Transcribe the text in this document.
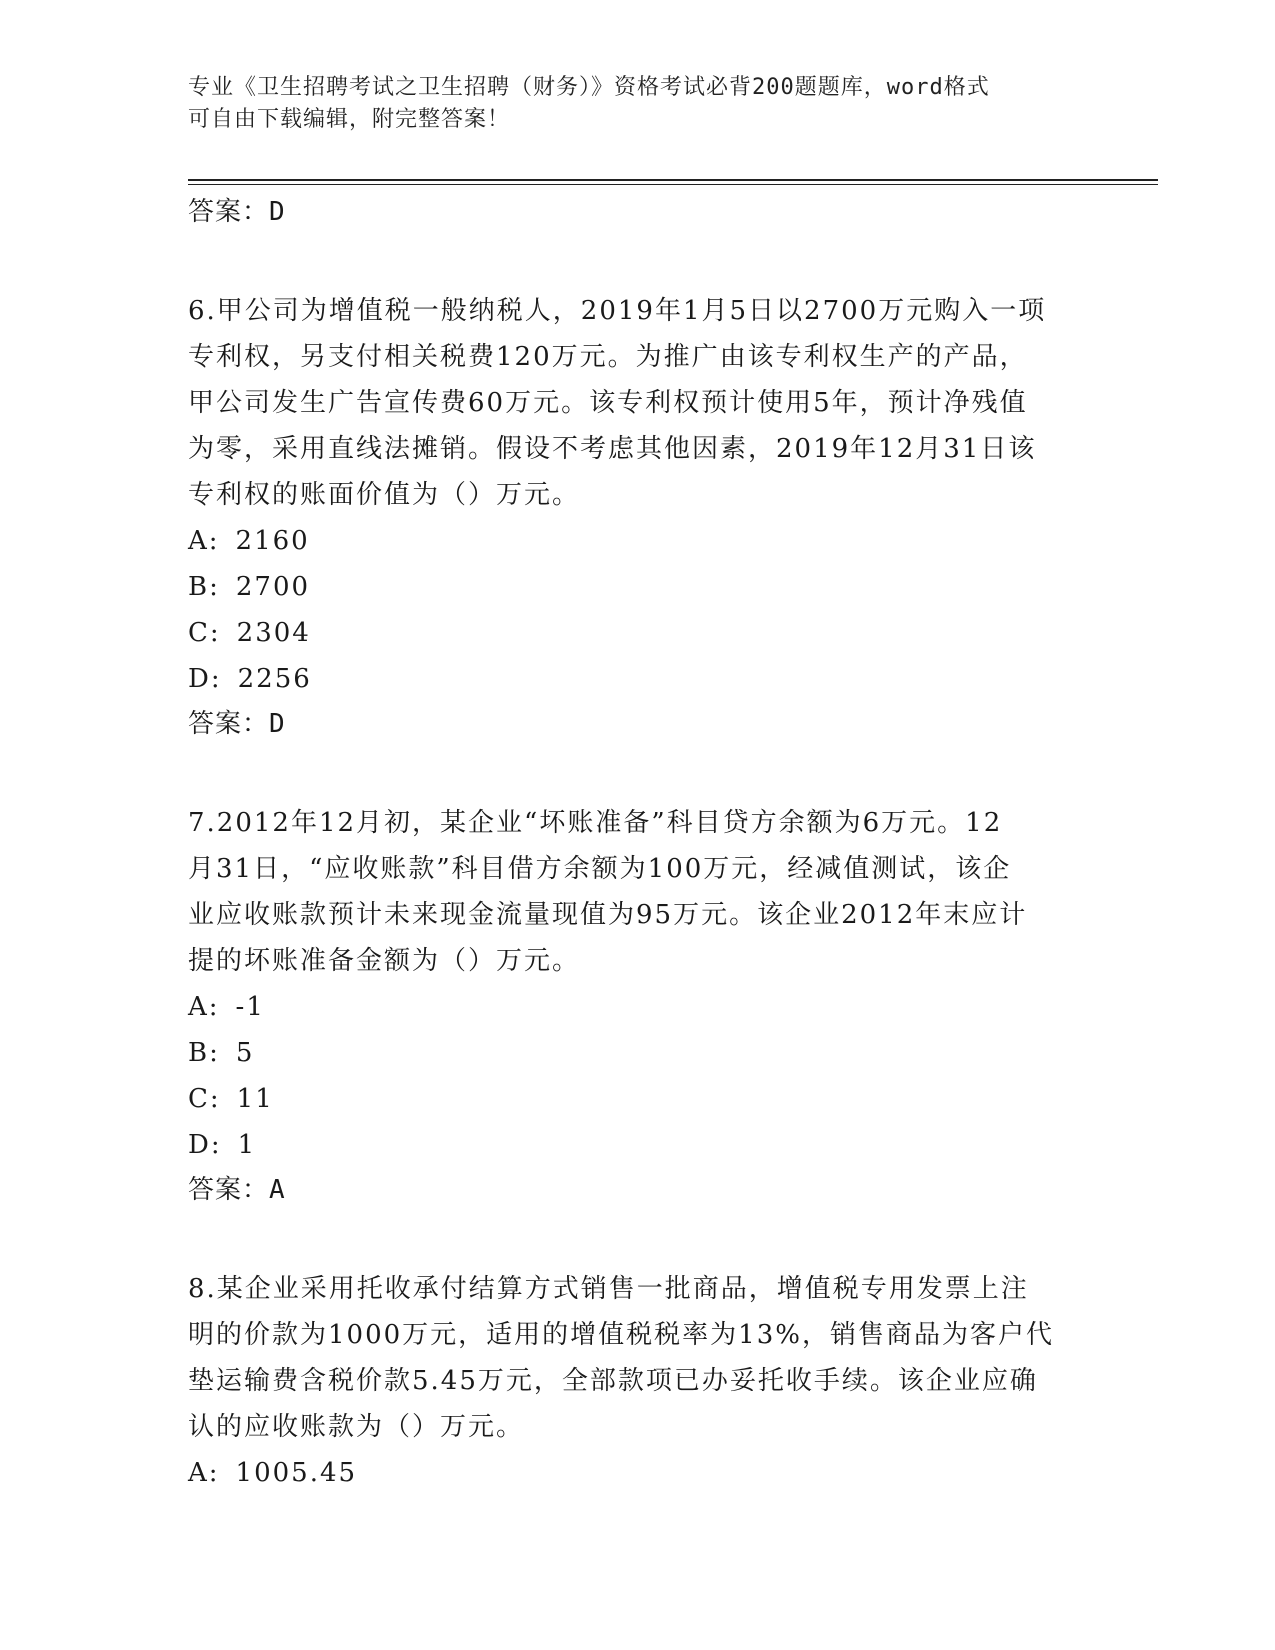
专业《卫生招聘考试之卫生招聘（财务）》资格考试必背200题题库，word格式
可自由下载编辑，附完整答案！
答案：D
6.甲公司为增值税一般纳税人，2019年1月5日以2700万元购入一项
专利权，另支付相关税费120万元。为推广由该专利权生产的产品，
甲公司发生广告宣传费60万元。该专利权预计使用5年，预计净残值
为零，采用直线法摊销。假设不考虑其他因素，2019年12月31日该
专利权的账面价值为（）万元。
A: 2160
B: 2700
C: 2304
D: 2256
答案：D
7.2012年12月初，某企业“坏账准备”科目贷方余额为6万元。12
月31日，“应收账款”科目借方余额为100万元，经减值测试，该企
业应收账款预计未来现金流量现值为95万元。该企业2012年末应计
提的坏账准备金额为（）万元。
A: -1
B: 5
C: 11
D: 1
答案：A
8.某企业采用托收承付结算方式销售一批商品，增值税专用发票上注
明的价款为1000万元，适用的增值税税率为13%，销售商品为客户代
垫运输费含税价款5.45万元，全部款项已办妥托收手续。该企业应确
认的应收账款为（）万元。
A: 1005.45
